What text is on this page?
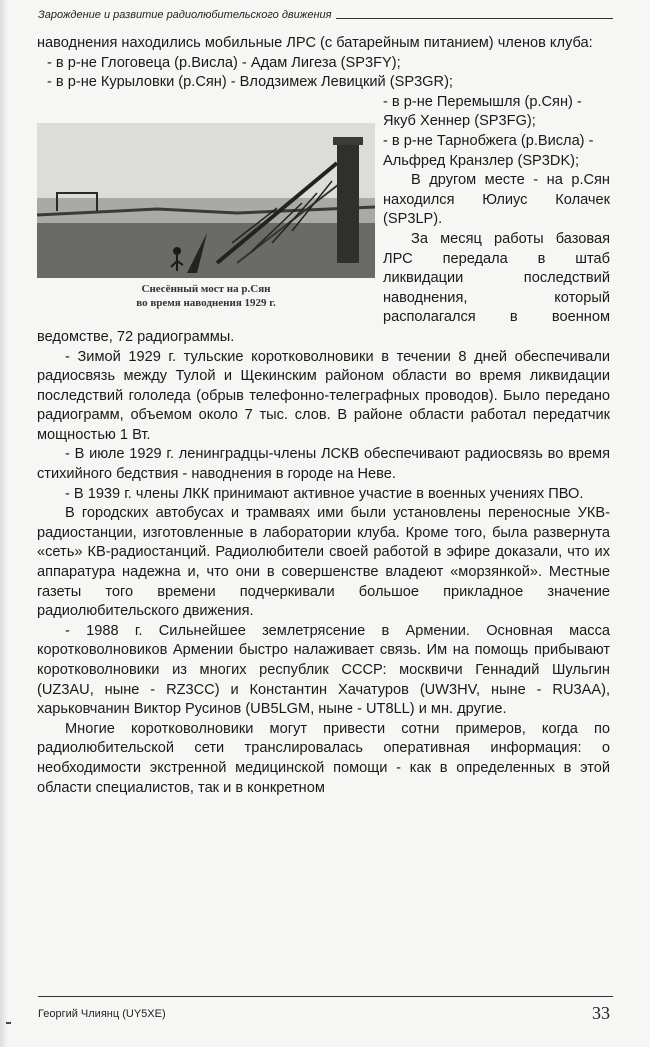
Зарождение и развитие радиолюбительского движения

наводнения находились мобильные ЛРС (с батарейным питанием) членов клуба:

- в р-не Глоговеца (р.Висла) - Адам Лигеза (SP3FY);

- в р-не Курыловки (р.Сян) - Влодзимеж Левицкий (SP3GR);

Снесённый мост на р.Сян
во время наводнения 1929 г.

- в р-не Перемышля (р.Сян) - Якуб Хеннер (SP3FG);

- в р-не Тарнобжега (р.Висла) - Альфред Кранзлер (SP3DK);

В другом месте - на р.Сян находился Юлиус Колачек (SP3LP).

За месяц работы базовая ЛРС передала в штаб ликвидации последствий наводнения, который располагался в военном ведомстве, 72 радиограммы.

- Зимой 1929 г. тульские коротковолновики в течении 8 дней обеспечивали радиосвязь между Тулой и Щекинским районом области во время ликвидации последствий гололеда (обрыв телефонно-телеграфных проводов). Было передано радиограмм, объемом около 7 тыс. слов. В районе области работал передатчик мощностью 1 Вт.

- В июле 1929 г. ленинградцы-члены ЛСКВ обеспечивают радиосвязь во время стихийного бедствия - наводнения в городе на Неве.

- В 1939 г. члены ЛКК принимают активное участие в военных учениях ПВО.

В городских автобусах и трамваях ими были установлены переносные УКВ-радиостанции, изготовленные в лаборатории клуба. Кроме того, была развернута «сеть» КВ-радиостанций. Радиолюбители своей работой в эфире доказали, что их аппаратура надежна и, что они в совершенстве владеют «морзянкой». Местные газеты того времени подчеркивали большое прикладное значение радиолюбительского движения.

- 1988 г. Сильнейшее землетрясение в Армении. Основная масса коротковолновиков Армении быстро налаживает связь. Им на помощь прибывают коротковолновики из многих республик СССР: москвичи Геннадий Шульгин (UZ3AU, ныне - RZ3CC) и Константин Хачатуров (UW3HV, ныне - RU3AA), харьковчанин Виктор Русинов (UB5LGM, ныне - UT8LL) и мн. другие.

Многие коротковолновики могут привести сотни примеров, когда по радиолюбительской сети транслировалась оперативная информация: о необходимости экстренной медицинской помощи - как в определенных в этой области специалистов, так и в конкретном

Георгий Члиянц (UY5XE)	33
